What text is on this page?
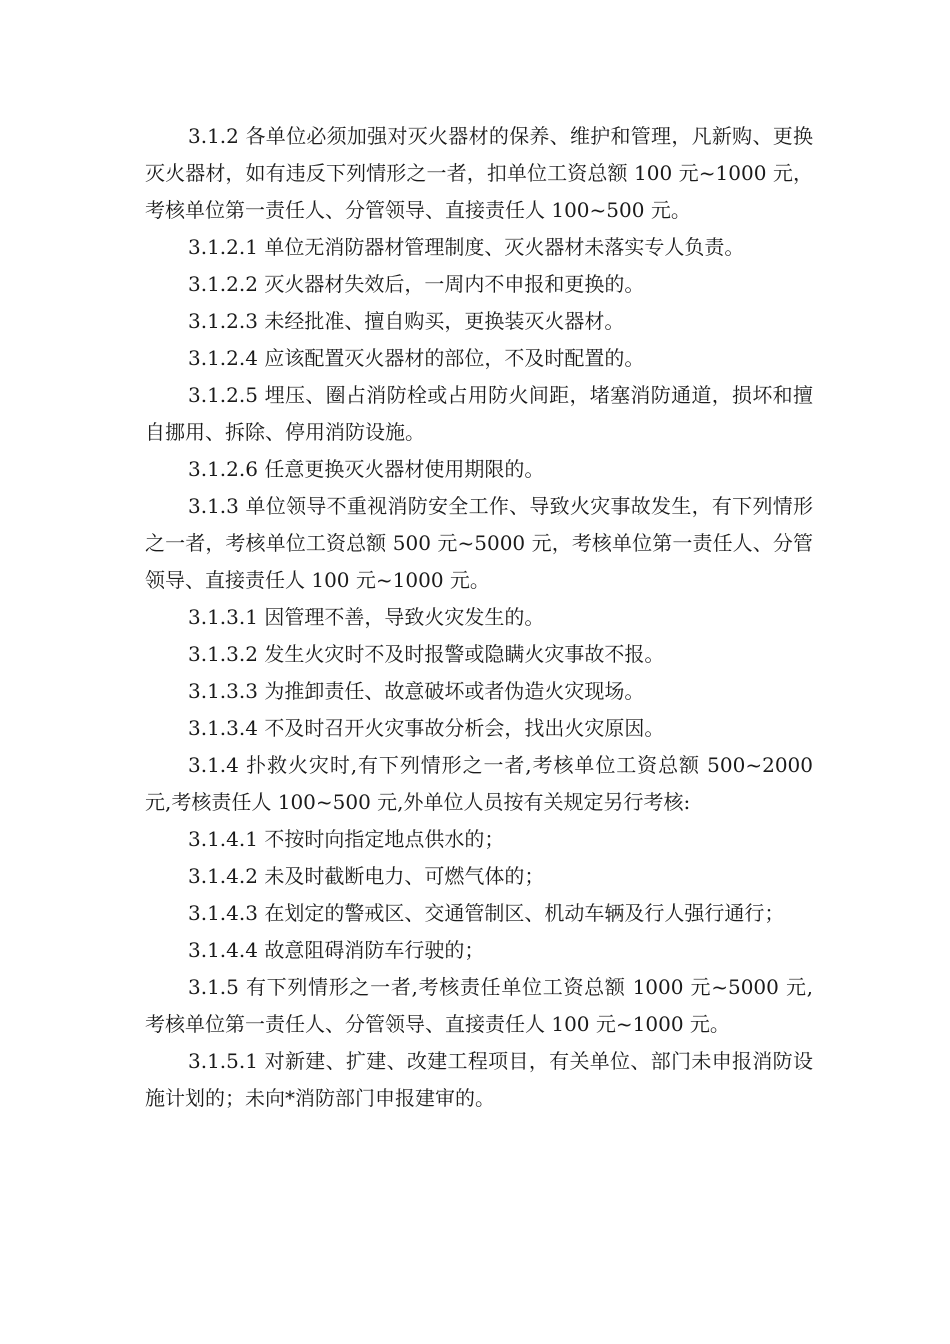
3.1.2 各单位必须加强对灭火器材的保养、维护和管理，凡新购、更换灭火器材，如有违反下列情形之一者，扣单位工资总额 100 元~1000 元，考核单位第一责任人、分管领导、直接责任人 100~500 元。

3.1.2.1 单位无消防器材管理制度、灭火器材未落实专人负责。

3.1.2.2 灭火器材失效后，一周内不申报和更换的。

3.1.2.3 未经批准、擅自购买，更换装灭火器材。

3.1.2.4 应该配置灭火器材的部位，不及时配置的。

3.1.2.5 埋压、圈占消防栓或占用防火间距，堵塞消防通道，损坏和擅自挪用、拆除、停用消防设施。

3.1.2.6 任意更换灭火器材使用期限的。

3.1.3 单位领导不重视消防安全工作、导致火灾事故发生，有下列情形之一者，考核单位工资总额 500 元~5000 元，考核单位第一责任人、分管领导、直接责任人 100 元~1000 元。

3.1.3.1 因管理不善，导致火灾发生的。

3.1.3.2 发生火灾时不及时报警或隐瞒火灾事故不报。

3.1.3.3 为推卸责任、故意破坏或者伪造火灾现场。

3.1.3.4 不及时召开火灾事故分析会，找出火灾原因。

3.1.4 扑救火灾时,有下列情形之一者,考核单位工资总额 500~2000 元,考核责任人 100~500 元,外单位人员按有关规定另行考核:

3.1.4.1 不按时向指定地点供水的；

3.1.4.2 未及时截断电力、可燃气体的；

3.1.4.3 在划定的警戒区、交通管制区、机动车辆及行人强行通行；

3.1.4.4 故意阻碍消防车行驶的；

3.1.5 有下列情形之一者,考核责任单位工资总额 1000 元~5000 元,考核单位第一责任人、分管领导、直接责任人 100 元~1000 元。

3.1.5.1 对新建、扩建、改建工程项目，有关单位、部门未申报消防设施计划的；未向*消防部门申报建审的。
